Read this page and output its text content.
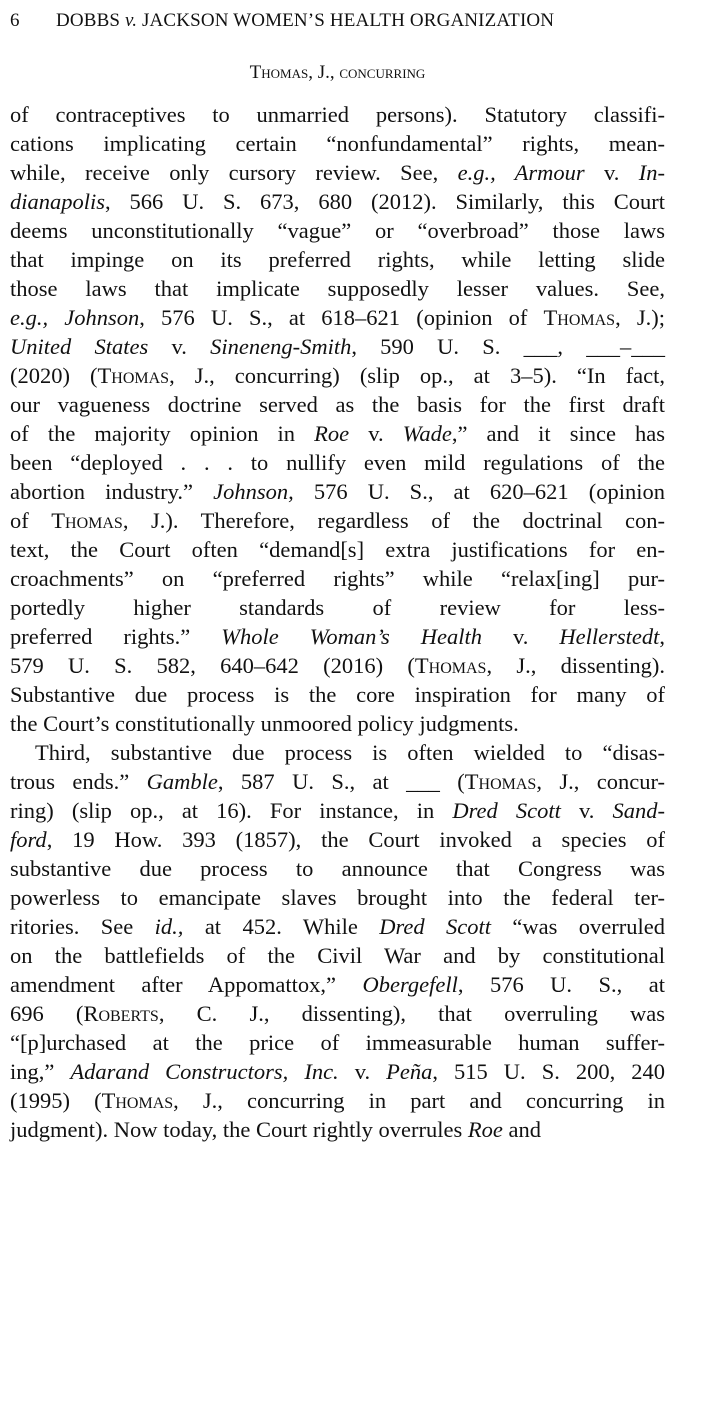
6 DOBBS v. JACKSON WOMEN’S HEALTH ORGANIZATION
Thomas, J., concurring
of contraceptives to unmarried persons). Statutory classifi-
cations implicating certain “nonfundamental” rights, mean-
while, receive only cursory review. See, e.g., Armour v. In-
dianapolis, 566 U. S. 673, 680 (2012). Similarly, this Court
deems unconstitutionally “vague” or “overbroad” those laws
that impinge on its preferred rights, while letting slide
those laws that implicate supposedly lesser values. See,
e.g., Johnson, 576 U. S., at 618–621 (opinion of Thomas, J.);
United States v. Sineneng-Smith, 590 U. S. ___, ___–___
(2020) (Thomas, J., concurring) (slip op., at 3–5). “In fact,
our vagueness doctrine served as the basis for the first draft
of the majority opinion in Roe v. Wade,” and it since has
been “deployed . . . to nullify even mild regulations of the
abortion industry.” Johnson, 576 U. S., at 620–621 (opinion
of Thomas, J.). Therefore, regardless of the doctrinal con-
text, the Court often “demand[s] extra justifications for en-
croachments” on “preferred rights” while “relax[ing] pur-
portedly higher standards of review for less-
preferred rights.” Whole Woman’s Health v. Hellerstedt,
579 U. S. 582, 640–642 (2016) (Thomas, J., dissenting).
Substantive due process is the core inspiration for many of
the Court’s constitutionally unmoored policy judgments.
Third, substantive due process is often wielded to “disas-
trous ends.” Gamble, 587 U. S., at ___ (Thomas, J., concur-
ring) (slip op., at 16). For instance, in Dred Scott v. Sand-
ford, 19 How. 393 (1857), the Court invoked a species of
substantive due process to announce that Congress was
powerless to emancipate slaves brought into the federal ter-
ritories. See id., at 452. While Dred Scott “was overruled
on the battlefields of the Civil War and by constitutional
amendment after Appomattox,” Obergefell, 576 U. S., at
696 (Roberts, C. J., dissenting), that overruling was
“[p]urchased at the price of immeasurable human suffer-
ing,” Adarand Constructors, Inc. v. Peña, 515 U. S. 200, 240
(1995) (Thomas, J., concurring in part and concurring in
judgment). Now today, the Court rightly overrules Roe and
